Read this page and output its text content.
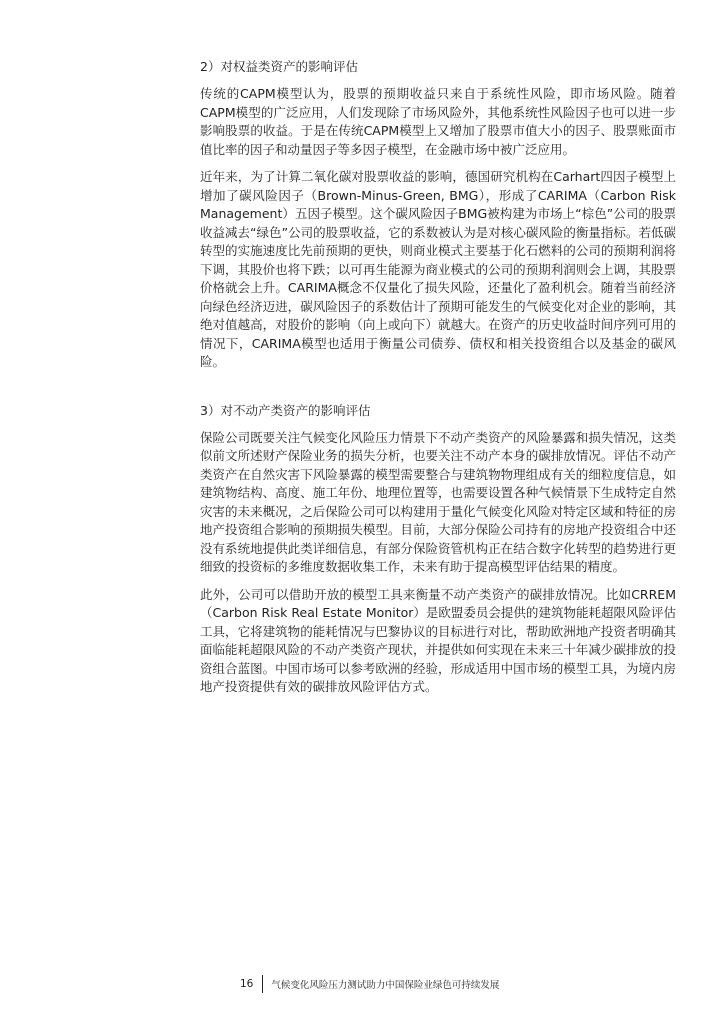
2）对权益类资产的影响评估

传统的CAPM模型认为，股票的预期收益只来自于系统性风险，即市场风险。随着CAPM模型的广泛应用，人们发现除了市场风险外，其他系统性风险因子也可以进一步影响股票的收益。于是在传统CAPM模型上又增加了股票市值大小的因子、股票账面市值比率的因子和动量因子等多因子模型，在金融市场中被广泛应用。

近年来，为了计算二氧化碳对股票收益的影响，德国研究机构在Carhart四因子模型上增加了碳风险因子（Brown-Minus-Green, BMG），形成了CARIMA（Carbon Risk Management）五因子模型。这个碳风险因子BMG被构建为市场上“棕色”公司的股票收益减去“绿色”公司的股票收益，它的系数被认为是对核心碳风险的衡量指标。若低碳转型的实施速度比先前预期的更快，则商业模式主要基于化石燃料的公司的预期利润将下调，其股价也将下跌；以可再生能源为商业模式的公司的预期利润则会上调，其股票价格就会上升。CARIMA概念不仅量化了损失风险，还量化了盈利机会。随着当前经济向绿色经济迈进，碳风险因子的系数估计了预期可能发生的气候变化对企业的影响，其绝对值越高，对股价的影响（向上或向下）就越大。在资产的历史收益时间序列可用的情况下，CARIMA模型也适用于衡量公司债券、债权和相关投资组合以及基金的碳风险。

3）对不动产类资产的影响评估

保险公司既要关注气候变化风险压力情景下不动产类资产的风险暴露和损失情况，这类似前文所述财产保险业务的损失分析，也要关注不动产本身的碳排放情况。评估不动产类资产在自然灾害下风险暴露的模型需要整合与建筑物物理组成有关的细粒度信息，如建筑物结构、高度、施工年份、地理位置等，也需要设置各种气候情景下生成特定自然灾害的未来概况，之后保险公司可以构建用于量化气候变化风险对特定区域和特征的房地产投资组合影响的预期损失模型。目前，大部分保险公司持有的房地产投资组合中还没有系统地提供此类详细信息，有部分保险资管机构正在结合数字化转型的趋势进行更细致的投资标的多维度数据收集工作，未来有助于提高模型评估结果的精度。

此外，公司可以借助开放的模型工具来衡量不动产类资产的碳排放情况。比如CRREM（Carbon Risk Real Estate Monitor）是欧盟委员会提供的建筑物能耗超限风险评估工具，它将建筑物的能耗情况与巴黎协议的目标进行对比，帮助欧洲地产投资者明确其面临能耗超限风险的不动产类资产现状，并提供如何实现在未来三十年减少碳排放的投资组合蓝图。中国市场可以参考欧洲的经验，形成适用中国市场的模型工具，为境内房地产投资提供有效的碳排放风险评估方式。

16 气候变化风险压力测试助力中国保险业绿色可持续发展
